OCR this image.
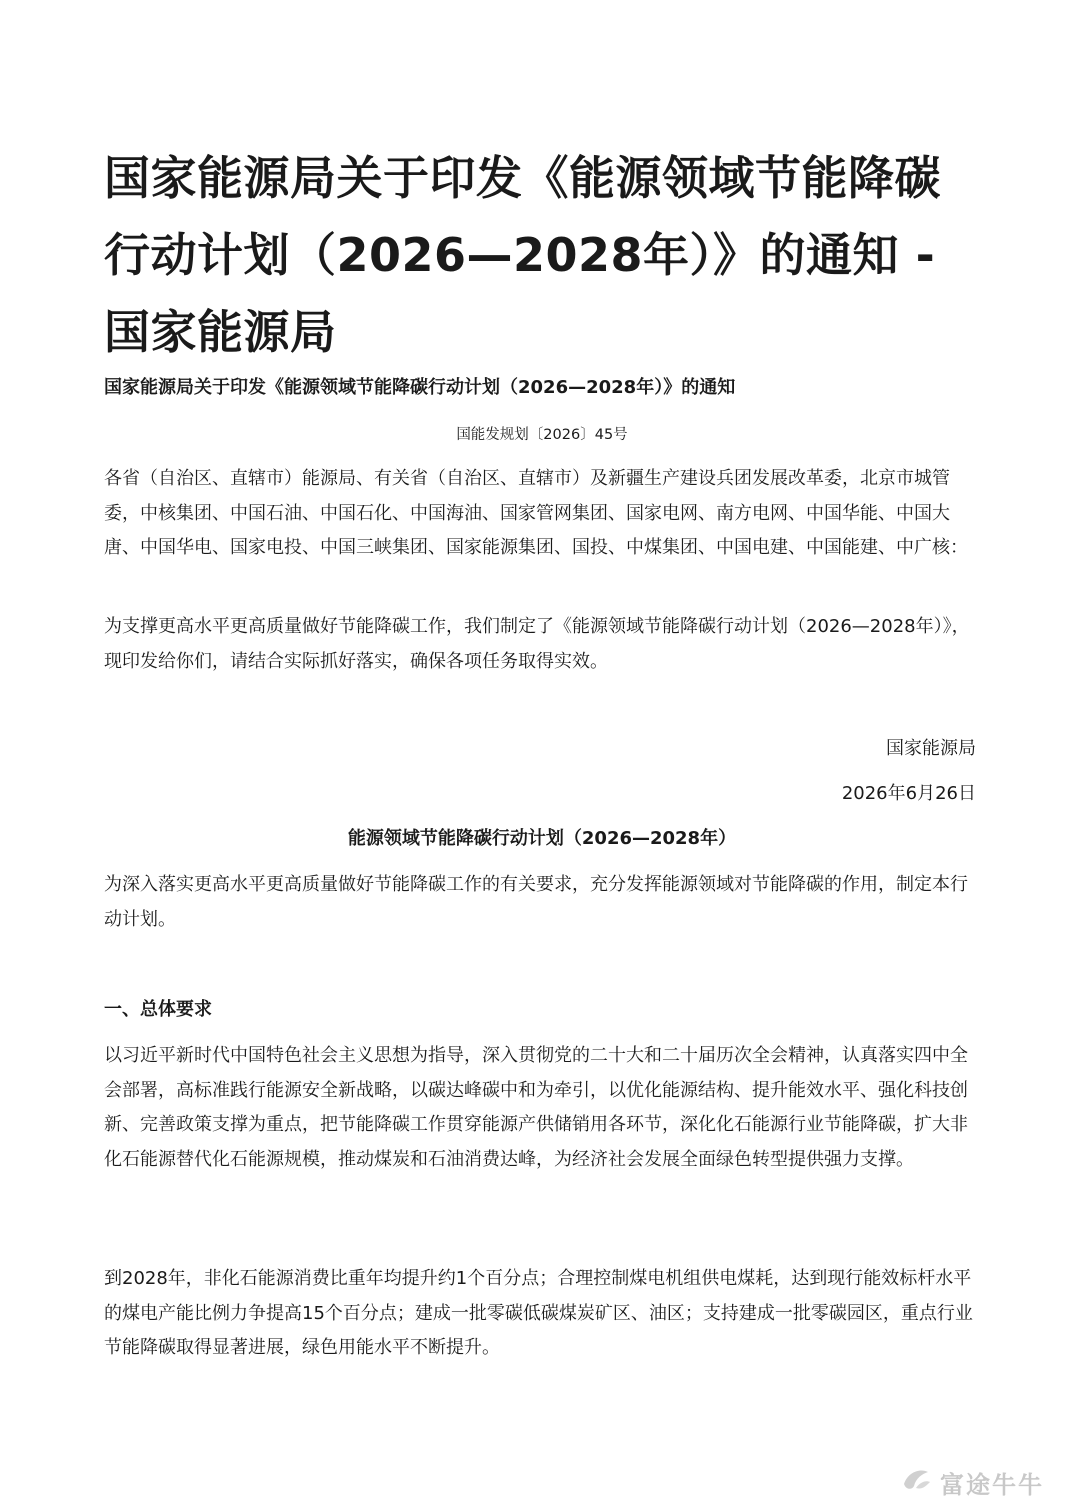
国家能源局关于印发《能源领域节能降碳行动计划（2026—2028年）》的通知 - 国家能源局
国家能源局关于印发《能源领域节能降碳行动计划（2026—2028年）》的通知
国能发规划〔2026〕45号

各省（自治区、直辖市）能源局、有关省（自治区、直辖市）及新疆生产建设兵团发展改革委，北京市城管委，中核集团、中国石油、中国石化、中国海油、国家管网集团、国家电网、南方电网、中国华能、中国大唐、中国华电、国家电投、中国三峡集团、国家能源集团、国投、中煤集团、中国电建、中国能建、中广核：

为支撑更高水平更高质量做好节能降碳工作，我们制定了《能源领域节能降碳行动计划（2026—2028年）》，现印发给你们，请结合实际抓好落实，确保各项任务取得实效。

国家能源局
2026年6月26日
能源领域节能降碳行动计划（2026—2028年）

为深入落实更高水平更高质量做好节能降碳工作的有关要求，充分发挥能源领域对节能降碳的作用，制定本行动计划。

一、总体要求

以习近平新时代中国特色社会主义思想为指导，深入贯彻党的二十大和二十届历次全会精神，认真落实四中全会部署，高标准践行能源安全新战略，以碳达峰碳中和为牵引，以优化能源结构、提升能效水平、强化科技创新、完善政策支撑为重点，把节能降碳工作贯穿能源产供储销用各环节，深化化石能源行业节能降碳，扩大非化石能源替代化石能源规模，推动煤炭和石油消费达峰，为经济社会发展全面绿色转型提供强力支撑。

到2028年，非化石能源消费比重年均提升约1个百分点；合理控制煤电机组供电煤耗，达到现行能效标杆水平的煤电产能比例力争提高15个百分点；建成一批零碳低碳煤炭矿区、油区；支持建成一批零碳园区，重点行业节能降碳取得显著进展，绿色用能水平不断提升。

富途牛牛
